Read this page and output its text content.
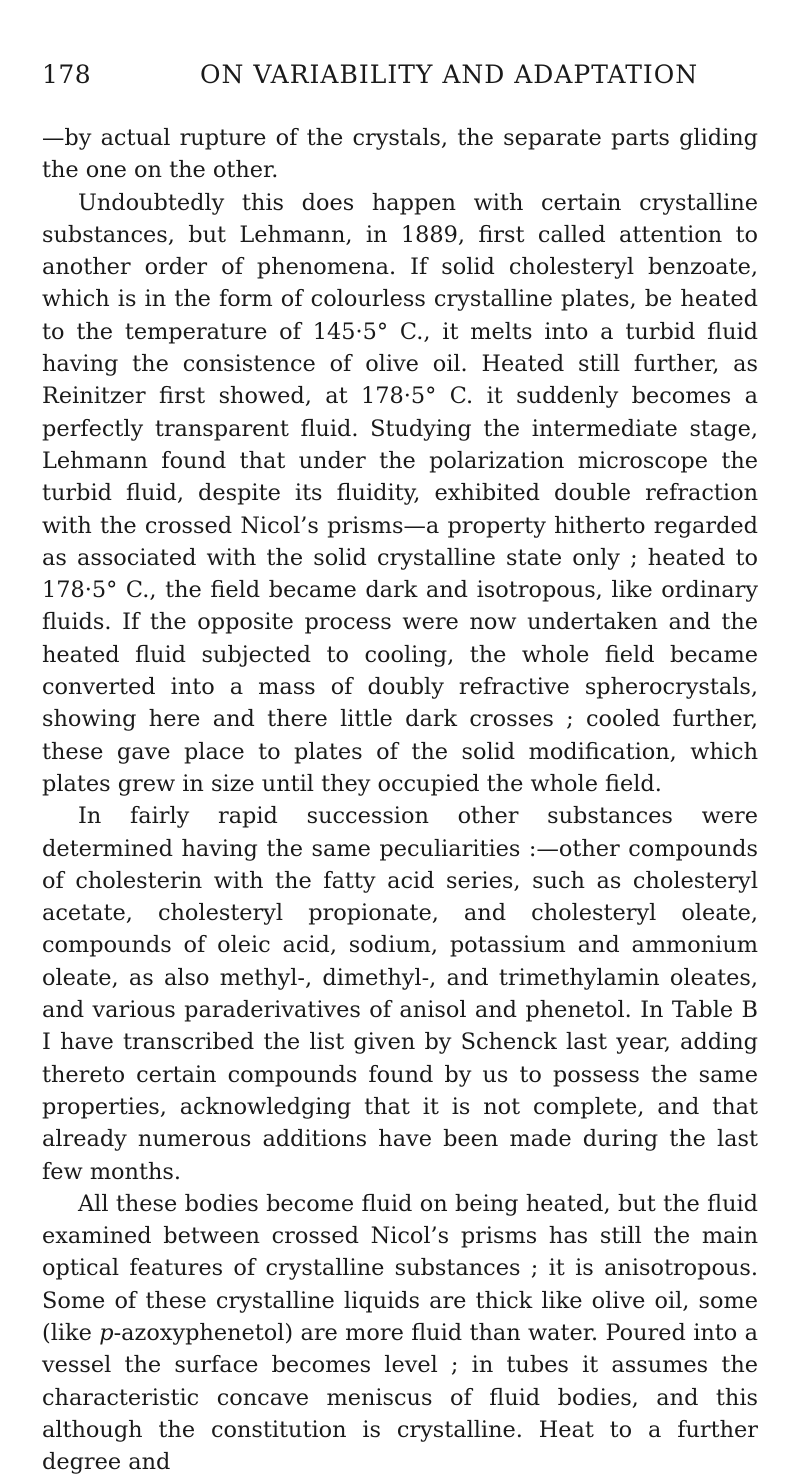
178	ON VARIABILITY AND ADAPTATION

—by actual rupture of the crystals, the separate parts gliding the one on the other.

Undoubtedly this does happen with certain crystalline substances, but Lehmann, in 1889, first called attention to another order of phenomena. If solid cholesteryl benzoate, which is in the form of colourless crystalline plates, be heated to the temperature of 145·5° C., it melts into a turbid fluid having the consistence of olive oil. Heated still further, as Reinitzer first showed, at 178·5° C. it suddenly becomes a perfectly transparent fluid. Studying the intermediate stage, Lehmann found that under the polarization microscope the turbid fluid, despite its fluidity, exhibited double refraction with the crossed Nicol’s prisms—a property hitherto regarded as associated with the solid crystalline state only ; heated to 178·5° C., the field became dark and isotropous, like ordinary fluids. If the opposite process were now undertaken and the heated fluid subjected to cooling, the whole field became converted into a mass of doubly refractive spherocrystals, showing here and there little dark crosses ; cooled further, these gave place to plates of the solid modification, which plates grew in size until they occupied the whole field.

In fairly rapid succession other substances were determined having the same peculiarities :—other compounds of cholesterin with the fatty acid series, such as cholesteryl acetate, cholesteryl propionate, and cholesteryl oleate, compounds of oleic acid, sodium, potassium and ammonium oleate, as also methyl-, dimethyl-, and trimethylamin oleates, and various paraderivatives of anisol and phenetol. In Table B I have transcribed the list given by Schenck last year, adding thereto certain compounds found by us to possess the same properties, acknowledging that it is not complete, and that already numerous additions have been made during the last few months.

All these bodies become fluid on being heated, but the fluid examined between crossed Nicol’s prisms has still the main optical features of crystalline substances ; it is anisotropous. Some of these crystalline liquids are thick like olive oil, some (like p-azoxyphenetol) are more fluid than water. Poured into a vessel the surface becomes level ; in tubes it assumes the characteristic concave meniscus of fluid bodies, and this although the constitution is crystalline. Heat to a further degree and
